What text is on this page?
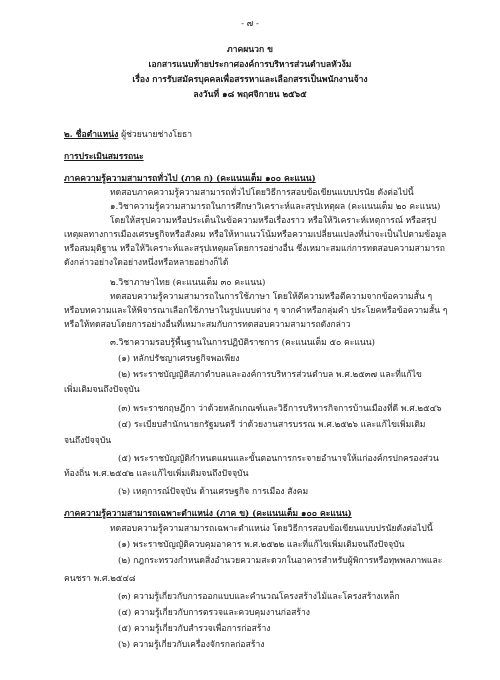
- ๗ -
ภาคผนวก ข
เอกสารแนบท้ายประกาศองค์การบริหารส่วนตำบลหัวง้ม
เรื่อง การรับสมัครบุคคลเพื่อสรรหาและเลือกสรรเป็นพนักงานจ้าง
ลงวันที่ ๑๘ พฤศจิกายน ๒๕๖๕
๒. ชื่อตำแหน่ง ผู้ช่วยนายช่างโยธา
การประเมินสมรรถนะ
ภาคความรู้ความสามารถทั่วไป (ภาค ก) (คะแนนเต็ม ๑๐๐ คะแนน)
ทดสอบภาคความรู้ความสามารถทั่วไปโดยวิธีการสอบข้อเขียนแบบปรนัย ดังต่อไปนี้
๑.วิชาความรู้ความสามารถในการศึกษาวิเคราะห์และสรุปเหตุผล (คะแนนเต็ม ๒๐ คะแนน)
โดยให้สรุปความหรือประเด็นในข้อความหรือเรื่องราว หรือให้วิเคราะห์เหตุการณ์ หรือสรุป
เหตุผลทางการเมืองเศรษฐกิจหรือสังคม หรือให้หาแนวโน้มหรือความเปลี่ยนแปลงที่น่าจะเป็นไปตามข้อมูล
หรือสมมุติฐาน หรือให้วิเคราะห์และสรุปเหตุผลโดยการอย่างอื่น ซึ่งเหมาะสมแก่การทดสอบความสามารถ
ดังกล่าวอย่างใดอย่างหนึ่งหรือหลายอย่างก็ได้
๒.วิชาภาษาไทย (คะแนนเต็ม ๓๐ คะแนน)
ทดสอบความรู้ความสามารถในการใช้ภาษา โดยให้ตีความหรือตีความจากข้อความสั้น ๆ
หรือบทความและให้พิจารณาเลือกใช้ภาษาในรูปแบบต่าง ๆ จากคำหรือกลุ่มคำ ประโยคหรือข้อความสั้น ๆ
หรือให้ทดสอบโดยการอย่างอื่นที่เหมาะสมกับการทดสอบความสามารถดังกล่าว
๓.วิชาความรอบรู้พื้นฐานในการปฏิบัติราชการ (คะแนนเต็ม ๕๐ คะแนน)
(๑) หลักปรัชญาเศรษฐกิจพอเพียง
(๒) พระราชบัญญัติสภาตำบลและองค์การบริหารส่วนตำบล พ.ศ.๒๕๓๗ และที่แก้ไข
เพิ่มเติมจนถึงปัจจุบัน
(๓) พระราชกฤษฎีกา ว่าด้วยหลักเกณฑ์และวิธีการบริหารกิจการบ้านเมืองที่ดี พ.ศ.๒๕๔๖
(๔) ระเบียบสำนักนายกรัฐมนตรี ว่าด้วยงานสารบรรณ พ.ศ.๒๕๒๖ และแก้ไขเพิ่มเติม
จนถึงปัจจุบัน
(๕) พระราชบัญญัติกำหนดแผนและขั้นตอนการกระจายอำนาจให้แก่องค์กรปกครองส่วน
ท้องถิ่น พ.ศ.๒๕๔๒ และแก้ไขเพิ่มเติมจนถึงปัจจุบัน
(๖) เหตุการณ์ปัจจุบัน ด้านเศรษฐกิจ การเมือง สังคม
ภาคความรู้ความสามารถเฉพาะตำแหน่ง (ภาค ข) (คะแนนเต็ม ๑๐๐ คะแนน)
ทดสอบความรู้ความสามารถเฉพาะตำแหน่ง โดยวิธีการสอบข้อเขียนแบบปรนัยดังต่อไปนี้
(๑) พระราชบัญญัติควบคุมอาคาร พ.ศ.๒๕๒๒ และที่แก้ไขเพิ่มเติมจนถึงปัจจุบัน
(๒) กฎกระทรวงกำหนดสิ่งอำนวยความสะดวกในอาคารสำหรับผู้พิการหรือทุพพลภาพและ
คนชรา พ.ศ.๒๕๔๘
(๓) ความรู้เกี่ยวกับการออกแบบและคำนวณโครงสร้างไม้และโครงสร้างเหล็ก
(๔) ความรู้เกี่ยวกับการตรวจและควบคุมงานก่อสร้าง
(๕) ความรู้เกี่ยวกับสำรวจเพื่อการก่อสร้าง
(๖) ความรู้เกี่ยวกับเครื่องจักรกลก่อสร้าง
